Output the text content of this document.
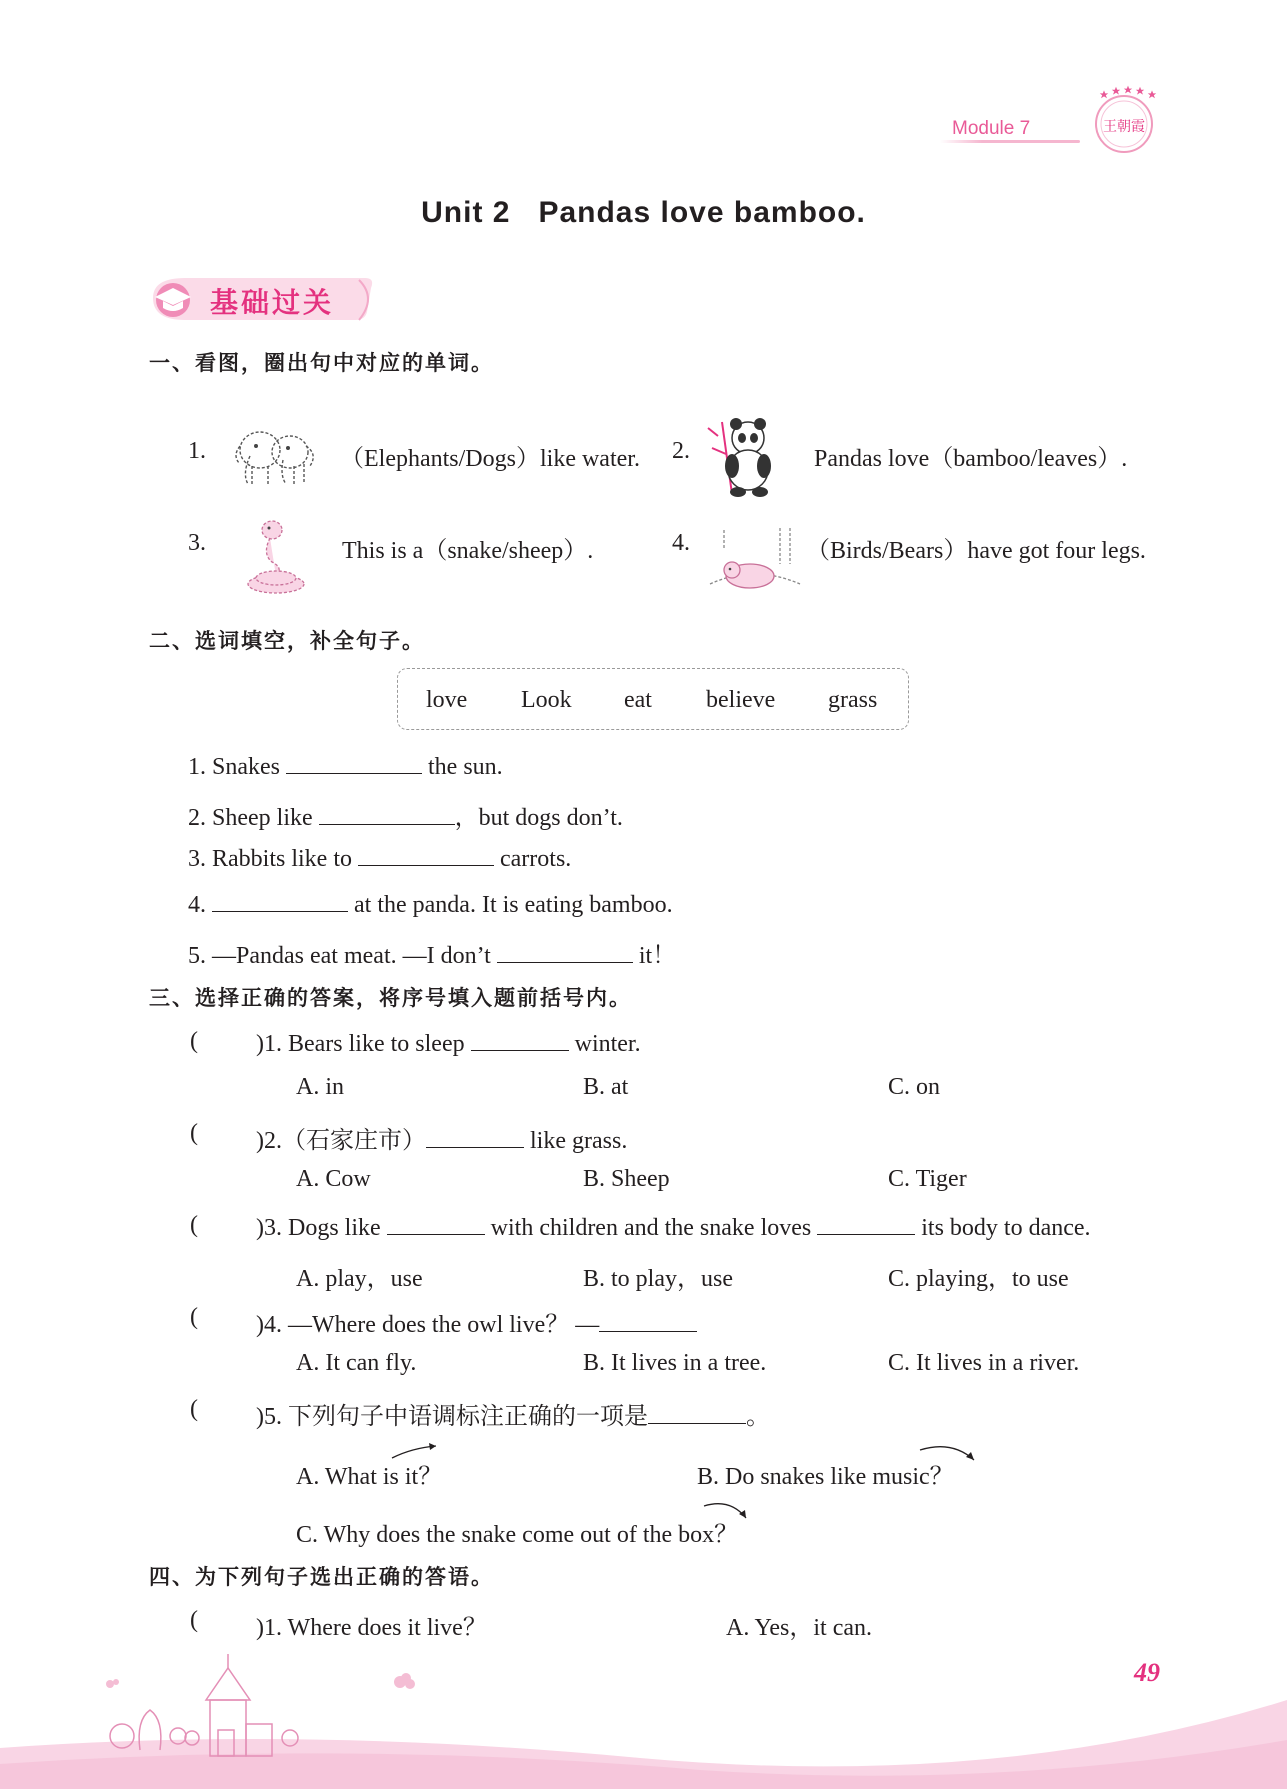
Module 7	王朝霞
Unit 2   Pandas love bamboo.
基础过关
一、看图，圈出句中对应的单词。
1.	（Elephants/Dogs）like water. 2.	Pandas love（bamboo/leaves）.
3.	This is a（snake/sheep）.	4.	（Birds/Bears）have got four legs.
二、选词填空，补全句子。
love Look eat believe grass
1. Snakes	the sun.
2. Sheep like	，but dogs don’t.
3. Rabbits like to	carrots.
4.	at the panda. It is eating bamboo.
5. —Pandas eat meat. —I don’t	it！
三、选择正确的答案，将序号填入题前括号内。
( )1. Bears like to sleep	winter.
A. in	B. at	C. on
( )2.（石家庄市）	like grass.
A. Cow	B. Sheep	C. Tiger
( )3. Dogs like	with children and the snake loves	its body to dance.
A. play，use	B. to play，use	C. playing，to use
( )4. —Where does the owl live？ —
A. It can fly.	B. It lives in a tree.	C. It lives in a river.
( )5. 下列句子中语调标注正确的一项是	。
A. What is it？	B. Do snakes like music？
C. Why does the snake come out of the box？
四、为下列句子选出正确的答语。
( )1. Where does it live？	A. Yes，it can.
49
